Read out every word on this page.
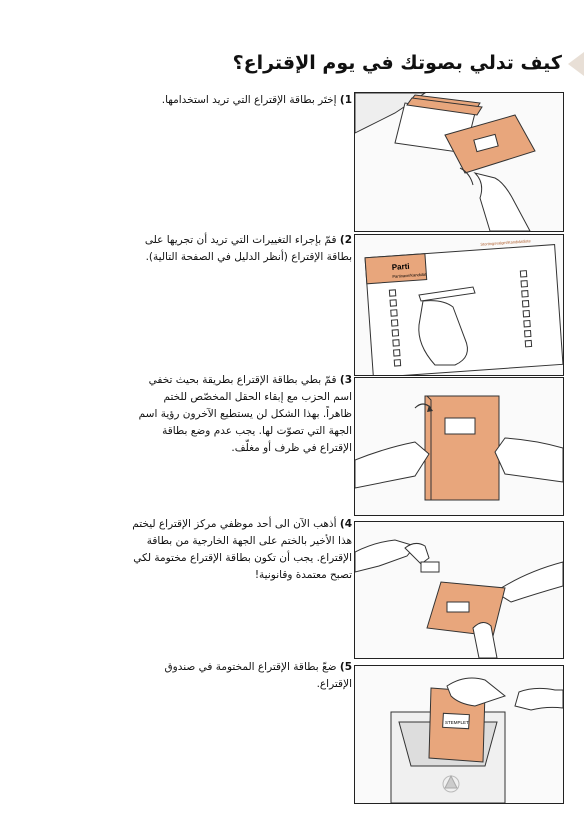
كيف تدلي بصوتك في يوم الإقتراع؟

1) إختَر بطاقة الإقتراع التي تريد استخدامها.

2) قمّ بإجراء التغييرات التي تريد أن تجريها على بطاقة الإقتراع (أنظر الدليل في الصفحة التالية).

Parti
Partinavn/Kandidat
Stortingsvalget/Kandidatliste

3) قمّ بطي بطاقة الإقتراع بطريقة بحيث تخفي اسم الحزب مع إبقاء الحقل المخصّص للختم ظاهراً. بهذا الشكل لن يستطيع الآخرون رؤية اسم الجهة التي تصوّت لها. يجب عدم وضع بطاقة الإقتراع في ظرف أو مغلّف.

4) أذهب الآن الى أحد موظفي مركز الإقتراع ليختم هذا الأخير بالختم على الجهة الخارجية من بطاقة الإقتراع. يجب أن تكون بطاقة الإقتراع مختومة لكي تصبح معتمدة وقانونية!

5) ضعّ بطاقة الإقتراع المختومة في صندوق الإقتراع.

STEMPLET
